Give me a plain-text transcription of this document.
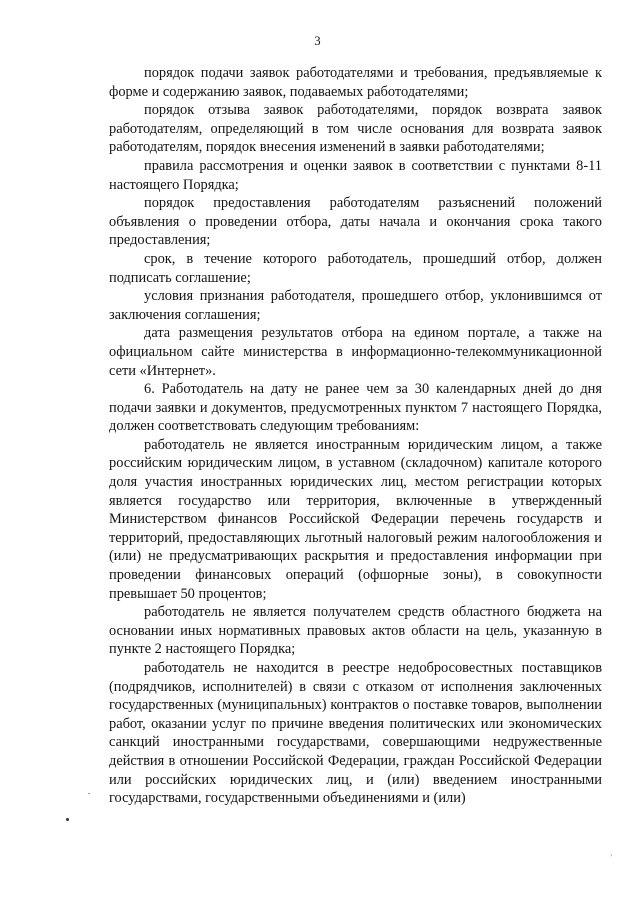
3

порядок подачи заявок работодателями и требования, предъявляемые к форме и содержанию заявок, подаваемых работодателями;

порядок отзыва заявок работодателями, порядок возврата заявок работодателям, определяющий в том числе основания для возврата заявок работодателям, порядок внесения изменений в заявки работодателями;

правила рассмотрения и оценки заявок в соответствии с пунктами 8-11 настоящего Порядка;

порядок предоставления работодателям разъяснений положений объявления о проведении отбора, даты начала и окончания срока такого предоставления;

срок, в течение которого работодатель, прошедший отбор, должен подписать соглашение;

условия признания работодателя, прошедшего отбор, уклонившимся от заключения соглашения;

дата размещения результатов отбора на едином портале, а также на официальном сайте министерства в информационно-телекоммуникационной сети «Интернет».

6. Работодатель на дату не ранее чем за 30 календарных дней до дня подачи заявки и документов, предусмотренных пунктом 7 настоящего Порядка, должен соответствовать следующим требованиям:

работодатель не является иностранным юридическим лицом, а также российским юридическим лицом, в уставном (складочном) капитале которого доля участия иностранных юридических лиц, местом регистрации которых является государство или территория, включенные в утвержденный Министерством финансов Российской Федерации перечень государств и территорий, предоставляющих льготный налоговый режим налогообложения и (или) не предусматривающих раскрытия и предоставления информации при проведении финансовых операций (офшорные зоны), в совокупности превышает 50 процентов;

работодатель не является получателем средств областного бюджета на основании иных нормативных правовых актов области на цель, указанную в пункте 2 настоящего Порядка;

работодатель не находится в реестре недобросовестных поставщиков (подрядчиков, исполнителей) в связи с отказом от исполнения заключенных государственных (муниципальных) контрактов о поставке товаров, выполнении работ, оказании услуг по причине введения политических или экономических санкций иностранными государствами, совершающими недружественные действия в отношении Российской Федерации, граждан Российской Федерации или российских юридических лиц, и (или) введением иностранными государствами, государственными объединениями и (или)

›
